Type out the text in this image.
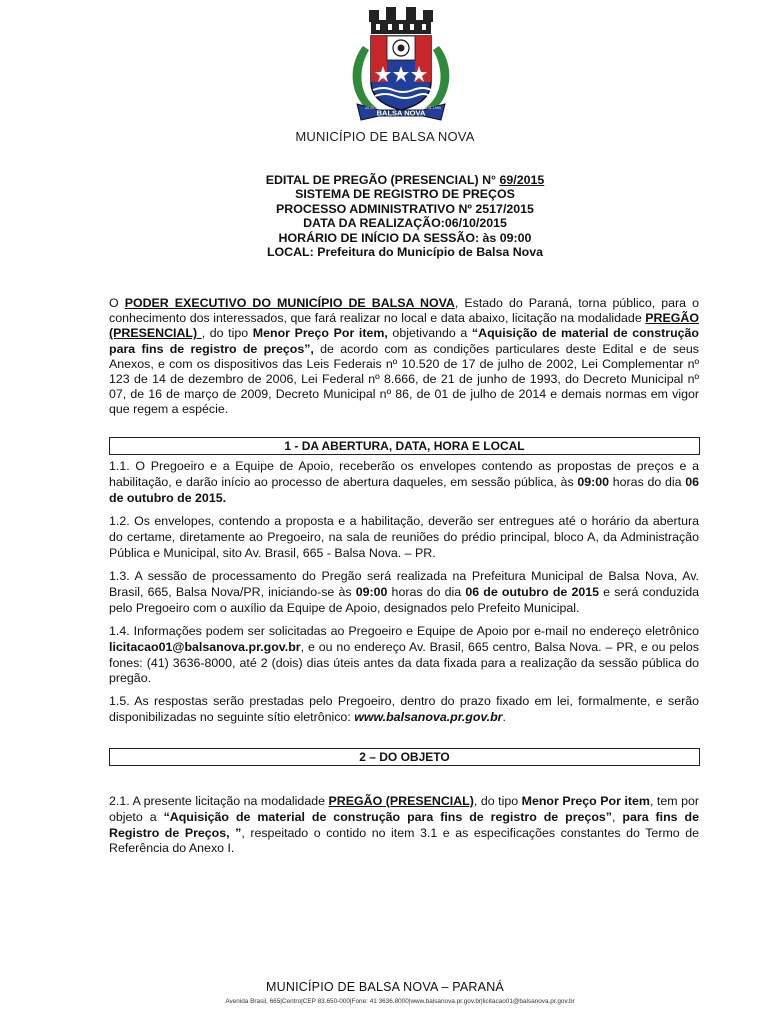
BALSA NOVA
29.01.1992	04.11.1993
MUNICÍPIO DE BALSA NOVA
EDITAL DE PREGÃO (PRESENCIAL) N° 69/2015
SISTEMA DE REGISTRO DE PREÇOS
PROCESSO ADMINISTRATIVO Nº 2517/2015
DATA DA REALIZAÇÃO:06/10/2015
HORÁRIO DE INÍCIO DA SESSÃO: às 09:00
LOCAL: Prefeitura do Município de Balsa Nova
O PODER EXECUTIVO DO MUNICÍPIO DE BALSA NOVA, Estado do Paraná, torna público, para o conhecimento dos interessados, que fará realizar no local e data abaixo, licitação na modalidade PREGÃO (PRESENCIAL) , do tipo Menor Preço Por item, objetivando a “Aquisição de material de construção para fins de registro de preços”, de acordo com as condições particulares deste Edital e de seus Anexos, e com os dispositivos das Leis Federais nº 10.520 de 17 de julho de 2002, Lei Complementar nº 123 de 14 de dezembro de 2006, Lei Federal nº 8.666, de 21 de junho de 1993, do Decreto Municipal nº 07, de 16 de março de 2009, Decreto Municipal nº 86, de 01 de julho de 2014 e demais normas em vigor que regem a espécie.
1 - DA ABERTURA, DATA, HORA E LOCAL
1.1. O Pregoeiro e a Equipe de Apoio, receberão os envelopes contendo as propostas de preços e a habilitação, e darão início ao processo de abertura daqueles, em sessão pública, às 09:00 horas do dia 06 de outubro de 2015.
1.2. Os envelopes, contendo a proposta e a habilitação, deverão ser entregues até o horário da abertura do certame, diretamente ao Pregoeiro, na sala de reuniões do prédio principal, bloco A, da Administração Pública e Municipal, sito Av. Brasil, 665 - Balsa Nova. – PR.
1.3. A sessão de processamento do Pregão será realizada na Prefeitura Municipal de Balsa Nova, Av. Brasil, 665, Balsa Nova/PR, iniciando-se às 09:00 horas do dia 06 de outubro de 2015 e será conduzida pelo Pregoeiro com o auxílio da Equipe de Apoio, designados pelo Prefeito Municipal.
1.4. Informações podem ser solicitadas ao Pregoeiro e Equipe de Apoio por e-mail no endereço eletrônico licitacao01@balsanova.pr.gov.br, e ou no endereço Av. Brasil, 665 centro, Balsa Nova. – PR, e ou pelos fones: (41) 3636-8000, até 2 (dois) dias úteis antes da data fixada para a realização da sessão pública do pregão.
1.5. As respostas serão prestadas pelo Pregoeiro, dentro do prazo fixado em lei, formalmente, e serão disponibilizadas no seguinte sítio eletrônico: www.balsanova.pr.gov.br.
2 – DO OBJETO
2.1. A presente licitação na modalidade PREGÃO (PRESENCIAL), do tipo Menor Preço Por item, tem por objeto a “Aquisição de material de construção para fins de registro de preços”, para fins de Registro de Preços, ”, respeitado o contido no item 3.1 e as especificações constantes do Termo de Referência do Anexo I.
MUNICÍPIO DE BALSA NOVA – PARANÁ
Avenida Brasil, 665|Centro|CEP 83.650-000|Fone: 41 3636.8000|www.balsanova.pr.gov.br|licitacao01@balsanova.pr.gov.br
